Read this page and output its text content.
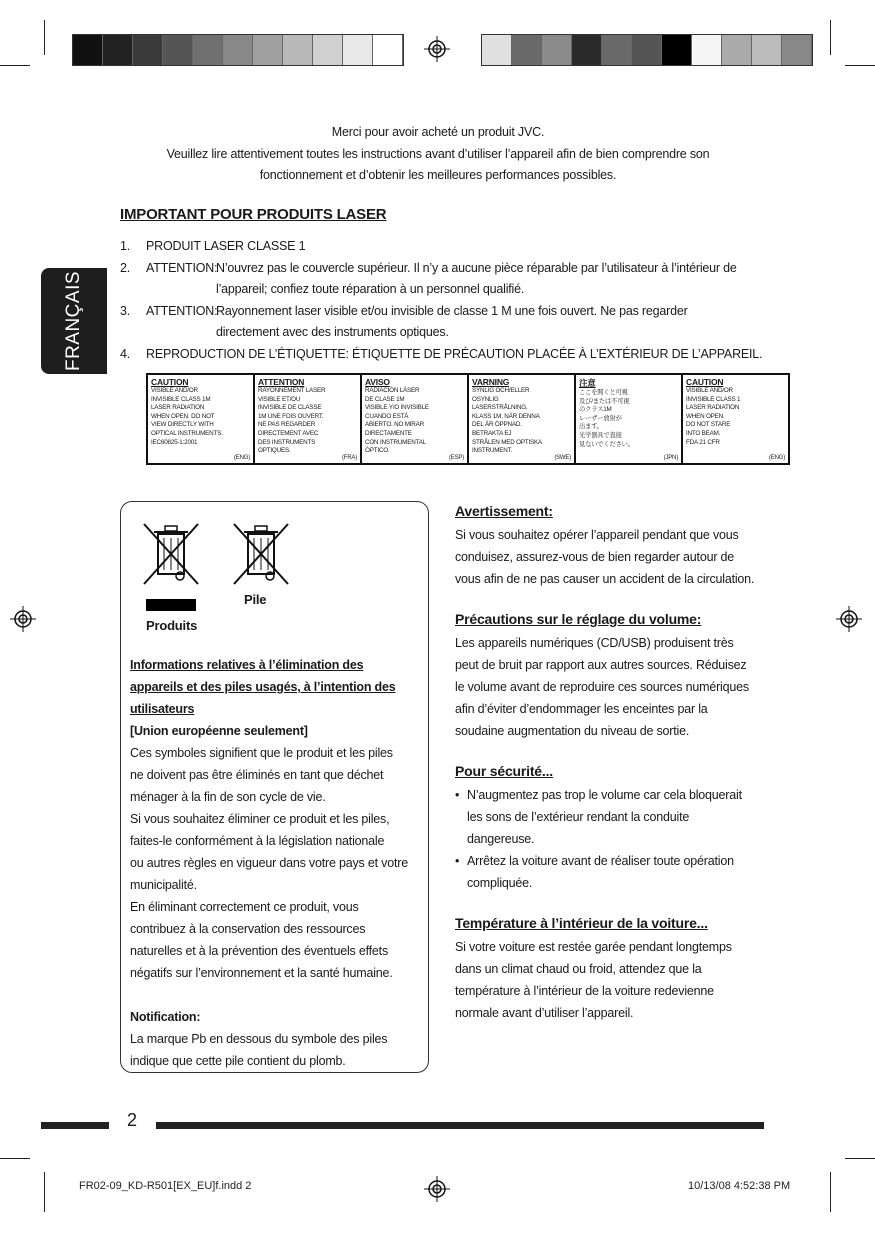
FRANÇAIS
Merci pour avoir acheté un produit JVC.
Veuillez lire attentivement toutes les instructions avant d’utiliser l’appareil afin de bien comprendre son
fonctionnement et d’obtenir les meilleures performances possibles.
IMPORTANT POUR PRODUITS LASER
1.	PRODUIT LASER CLASSE 1
2.	ATTENTION:
N’ouvrez pas le couvercle supérieur. Il n’y a aucune pièce réparable par l’utilisateur à l’intérieur de
l’appareil; confiez toute réparation à un personnel qualifié.
3.	ATTENTION:
Rayonnement laser visible et/ou invisible de classe 1 M une fois ouvert. Ne pas regarder
directement avec des instruments optiques.
4.	REPRODUCTION DE L’ÉTIQUETTE: ÉTIQUETTE DE PRÉCAUTION PLACÉE À L’EXTÉRIEUR DE L’APPAREIL.
CAUTION
VISIBLE AND/OR
INVISIBLE CLASS 1M
LASER RADIATION
WHEN OPEN. DO NOT
VIEW DIRECTLY WITH
OPTICAL INSTRUMENTS.
IEC60825-1:2001
(ENG)
ATTENTION
RAYONNEMENT LASER
VISIBLE ET/OU
INVISIBLE DE CLASSE
1M UNE FOIS OUVERT.
NE PAS REGARDER
DIRECTEMENT AVEC
DES INSTRUMENTS
OPTIQUES.
(FRA)
AVISO
RADIACIÓN LÁSER
DE CLASE 1M
VISIBLE Y/O INVISIBLE
CUANDO ESTÁ
ABIERTO. NO MIRAR
DIRECTAMENTE
CON INSTRUMENTAL
ÓPTICO.
(ESP)
VARNING
SYNLIG OCH/ELLER
OSYNLIG
LASERSTRÅLNING,
KLASS 1M, NÄR DENNA
DEL ÄR ÖPPNAD.
BETRAKTA EJ
STRÅLEN MED OPTISKA
INSTRUMENT.
(SWE)
注意
ここを開くと可視
及び/または不可視
のクラス1M
レーザー放射が
出ます。
光学器具で直接
見ないでください。
(JPN)
CAUTION
VISIBLE AND/OR
INVISIBLE CLASS 1
LASER RADIATION
WHEN OPEN.
DO NOT STARE
INTO BEAM.
FDA 21 CFR
(ENG)
Produits
Pile
Informations relatives à l’élimination des
appareils et des piles usagés, à l’intention des
utilisateurs
[Union européenne seulement]

Ces symboles signifient que le produit et les piles
ne doivent pas être éliminés en tant que déchet
ménager à la fin de son cycle de vie.

Si vous souhaitez éliminer ce produit et les piles,
faites-le conformément à la législation nationale
ou autres règles en vigueur dans votre pays et votre
municipalité.

En éliminant correctement ce produit, vous
contribuez à la conservation des ressources
naturelles et à la prévention des éventuels effets
négatifs sur l’environnement et la santé humaine.

Notification:
La marque Pb en dessous du symbole des piles
indique que cette pile contient du plomb.
Avertissement:

Si vous souhaitez opérer l’appareil pendant que vous
conduisez, assurez-vous de bien regarder autour de
vous afin de ne pas causer un accident de la circulation.

Précautions sur le réglage du volume:

Les appareils numériques (CD/USB) produisent très
peut de bruit par rapport aux autres sources. Réduisez
le volume avant de reproduire ces sources numériques
afin d’éviter d’endommager les enceintes par la
soudaine augmentation du niveau de sortie.

Pour sécurité...
• N’augmentez pas trop le volume car cela bloquerait
les sons de l’extérieur rendant la conduite
dangereuse.
• Arrêtez la voiture avant de réaliser toute opération
compliquée.
Température à l’intérieur de la voiture...

Si votre voiture est restée garée pendant longtemps
dans un climat chaud ou froid, attendez que la
température à l’intérieur de la voiture redevienne
normale avant d’utiliser l’appareil.

2
FR02-09_KD-R501[EX_EU]f.indd 2	10/13/08 4:52:38 PM
